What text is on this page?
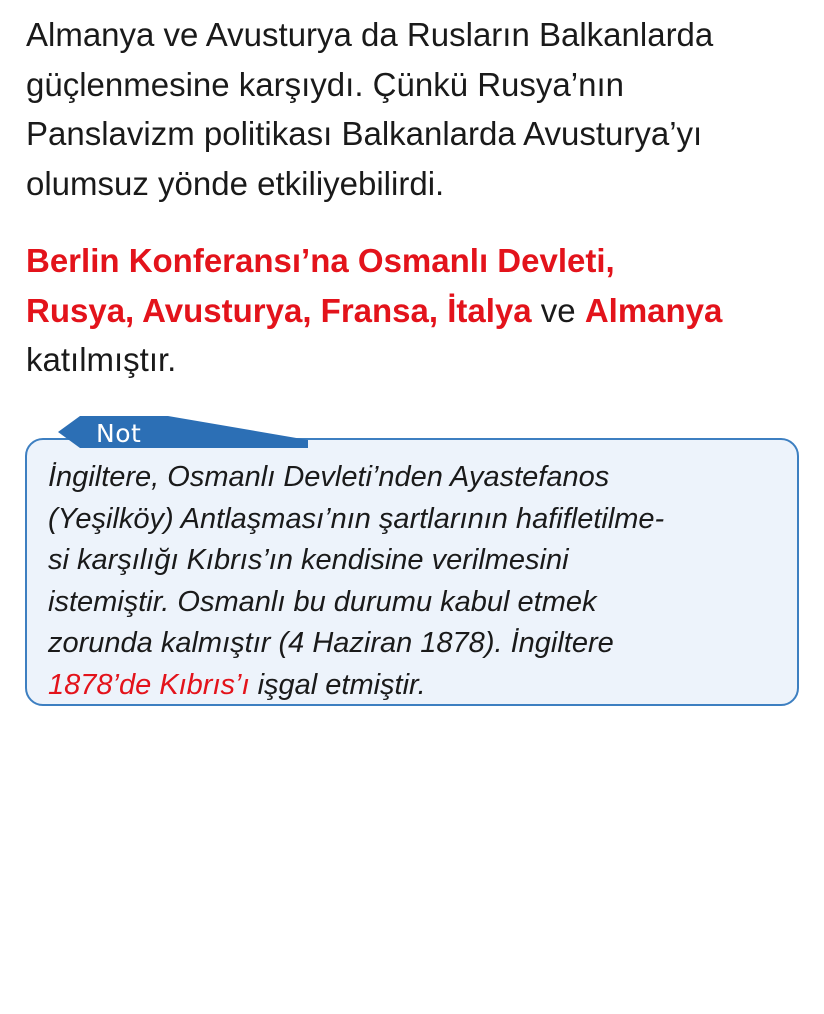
Almanya ve Avusturya da Rusların Balkanlarda
güçlenmesine karşıydı. Çünkü Rusya’nın
Panslavizm politikası Balkanlarda Avusturya’yı
olumsuz yönde etkiliyebilirdi.
Berlin Konferansı’na Osmanlı Devleti,
Rusya, Avusturya, Fransa, İtalya ve Almanya
katılmıştır.
Not
İngiltere, Osmanlı Devleti’nden Ayastefanos
(Yeşilköy) Antlaşması’nın şartlarının hafifletilme-
si karşılığı Kıbrıs’ın kendisine verilmesini
istemiştir. Osmanlı bu durumu kabul etmek
zorunda kalmıştır (4 Haziran 1878). İngiltere
1878’de Kıbrıs’ı işgal etmiştir.
